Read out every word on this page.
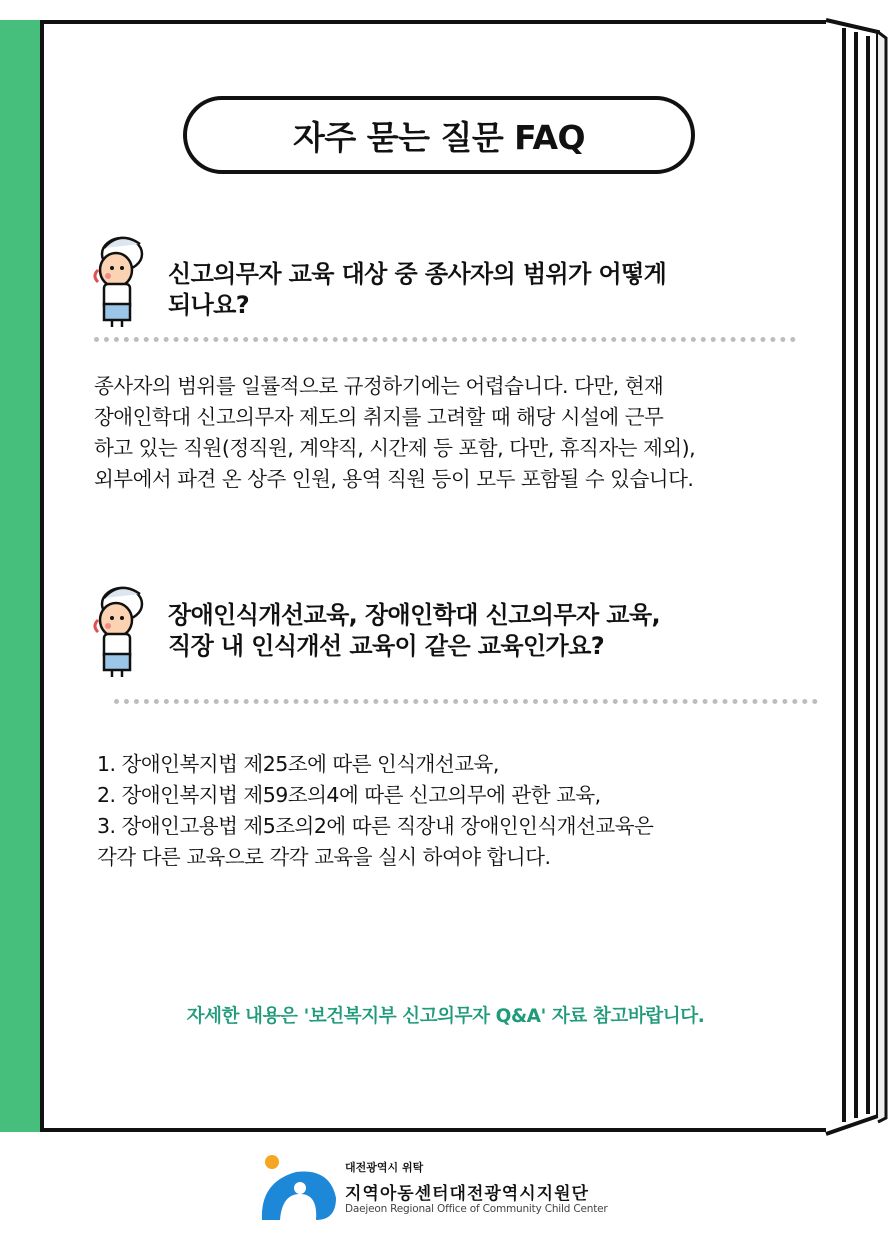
자주 묻는 질문 FAQ
신고의무자 교육 대상 중 종사자의 범위가 어떻게
되나요?
종사자의 범위를 일률적으로 규정하기에는 어렵습니다. 다만, 현재
장애인학대 신고의무자 제도의 취지를 고려할 때 해당 시설에 근무
하고 있는 직원(정직원, 계약직, 시간제 등 포함, 다만, 휴직자는 제외),
외부에서 파견 온 상주 인원, 용역 직원 등이 모두 포함될 수 있습니다.
장애인식개선교육, 장애인학대 신고의무자 교육,
직장 내 인식개선 교육이 같은 교육인가요?
1. 장애인복지법 제25조에 따른 인식개선교육,
2. 장애인복지법 제59조의4에 따른 신고의무에 관한 교육,
3. 장애인고용법 제5조의2에 따른 직장내 장애인인식개선교육은
각각 다른 교육으로 각각 교육을 실시 하여야 합니다.
자세한 내용은 '보건복지부 신고의무자 Q&A' 자료 참고바랍니다.
대전광역시 위탁
지역아동센터대전광역시지원단
Daejeon Regional Office of Community Child Center
